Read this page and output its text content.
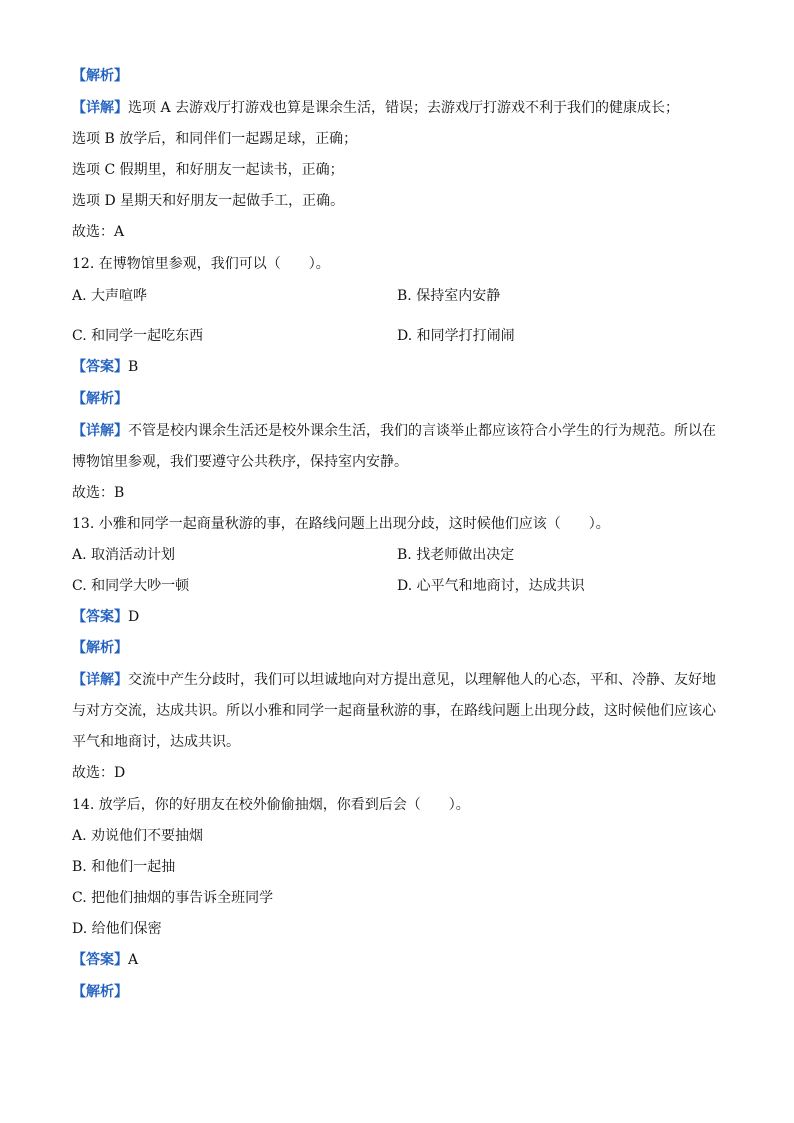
【解析】
【详解】选项 A 去游戏厅打游戏也算是课余生活，错误；去游戏厅打游戏不利于我们的健康成长；
选项 B 放学后，和同伴们一起踢足球，正确；
选项 C 假期里，和好朋友一起读书，正确；
选项 D 星期天和好朋友一起做手工，正确。
故选：A
12. 在博物馆里参观，我们可以（　　）。
A. 大声喧哗	B. 保持室内安静
C. 和同学一起吃东西	D. 和同学打打闹闹
【答案】B
【解析】
【详解】不管是校内课余生活还是校外课余生活，我们的言谈举止都应该符合小学生的行为规范。所以在
博物馆里参观，我们要遵守公共秩序，保持室内安静。
故选：B
13. 小雅和同学一起商量秋游的事，在路线问题上出现分歧，这时候他们应该（　　）。
A. 取消活动计划	B. 找老师做出决定
C. 和同学大吵一顿	D. 心平气和地商讨，达成共识
【答案】D
【解析】
【详解】交流中产生分歧时，我们可以坦诚地向对方提出意见，以理解他人的心态，平和、冷静、友好地
与对方交流，达成共识。所以小雅和同学一起商量秋游的事，在路线问题上出现分歧，这时候他们应该心
平气和地商讨，达成共识。
故选：D
14. 放学后，你的好朋友在校外偷偷抽烟，你看到后会（　　）。
A. 劝说他们不要抽烟
B. 和他们一起抽
C. 把他们抽烟的事告诉全班同学
D. 给他们保密
【答案】A
【解析】
